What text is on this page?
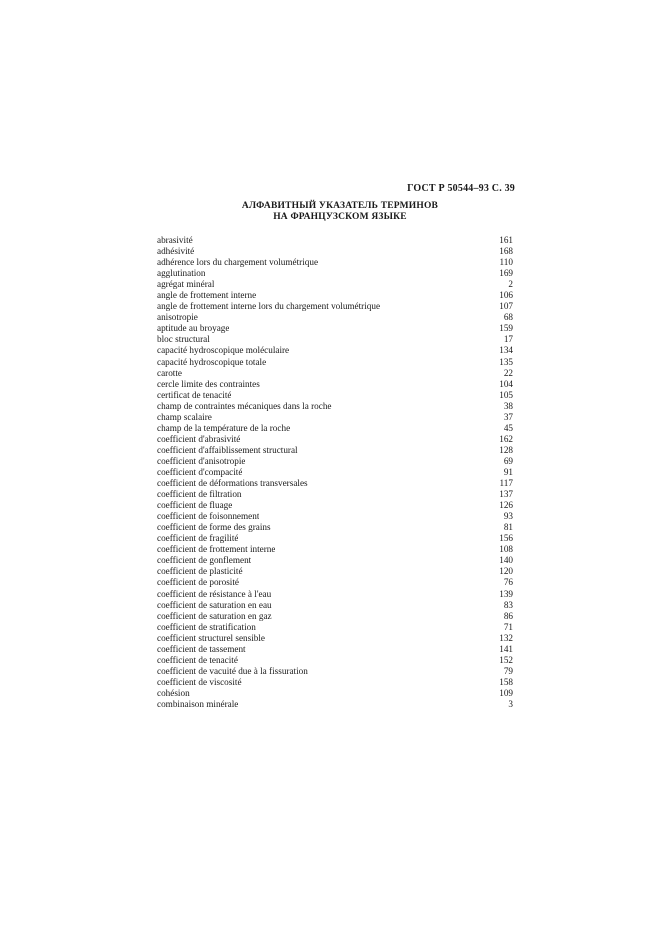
ГОСТ Р 50544–93 С. 39
АЛФАВИТНЫЙ УКАЗАТЕЛЬ ТЕРМИНОВ
НА ФРАНЦУЗСКОМ ЯЗЫКЕ
abrasivité	161
adhésivité	168
adhérence lors du chargement volumétrique	110
agglutination	169
agrégat minéral	2
angle de frottement interne	106
angle de frottement interne lors du chargement volumétrique	107
anisotropie	68
aptitude au broyage	159
bloc structural	17
capacité hydroscopique moléculaire	134
capacité hydroscopique totale	135
carotte	22
cercle limite des contraintes	104
certificat de tenacité	105
champ de contraintes mécaniques dans la roche	38
champ scalaire	37
champ de la température de la roche	45
coefficient d'abrasivité	162
coefficient d'affaiblissement structural	128
coefficient d'anisotropie	69
coefficient d'compacité	91
coefficient de déformations transversales	117
coefficient de filtration	137
coefficient de fluage	126
coefficient de foisonnement	93
coefficient de forme des grains	81
coefficient de fragilité	156
coefficient de frottement interne	108
coefficient de gonflement	140
coefficient de plasticité	120
coefficient de porosité	76
coefficient de résistance à l'eau	139
coefficient de saturation en eau	83
coefficient de saturation en gaz	86
coefficient de stratification	71
coefficient structurel sensible	132
coefficient de tassement	141
coefficient de tenacité	152
coefficient de vacuité due à la fissuration	79
coefficient de viscosité	158
cohésion	109
combinaison minérale	3
